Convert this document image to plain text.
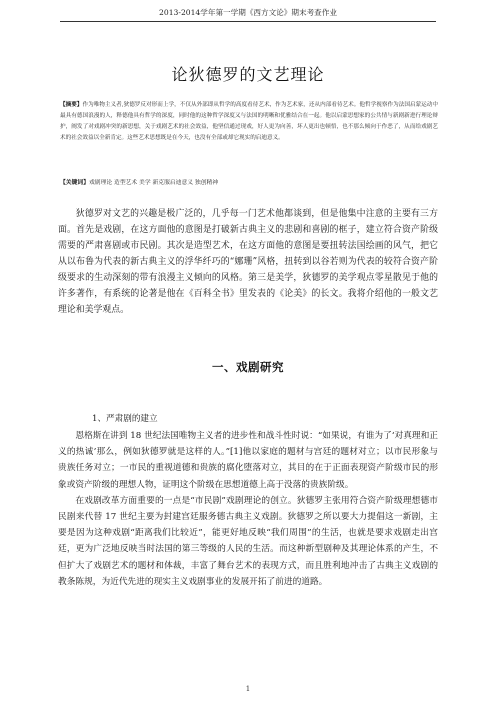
2013-2014学年第一学期《西方文论》期末考查作业
论狄德罗的文艺理论
【摘要】作为唯物主义者,狄德罗反对形而上学，不仅从外部即从哲学的高度看待艺术，作为艺术家，还从内部看待艺术。他哲学视察作为法国启蒙运动中最具有德国浪漫的人，释德他具有哲学的深度，同时他的这种哲学深度又与法国的明晰和优雅结合在一起。他以启蒙思想家的公共情与新剧新进行理论辩护，阐发了对戏剧冲突的新思想，关于戏剧艺术的社会效益，他坚信通过现戏，好人更为向善，坏人更出也顿悟，也不那么倾向于作恶了，从而给戏剧艺术的社会效益以全新肯定。这些艺术思想既是在今天，也没有全部或却它现实的启迪意义。
【关键词】戏剧理论 造型艺术 美学 新克服启迪意义 独创精神

狄德罗对文艺的兴趣是极广泛的，几乎每一门艺术他都谈到，但是他集中注意的主要有三方面。首先是戏剧，在这方面他的意图是打破新古典主义的悲剧和喜剧的框子，建立符合资产阶级需要的严肃喜剧或市民剧。其次是造型艺术，在这方面他的意图是要扭转法国绘画的风气，把它从以布鲁为代表的新古典主义的浮华纤巧的“娜珊”风格，扭转到以谷若则为代表的较符合资产阶级要求的生动深刻的带有浪漫主义倾向的风格。第三是美学，狄德罗的美学观点零星散见于他的许多著作，有系统的论著是他在《百科全书》里发表的《论美》的长文。我将介绍他的一般文艺理论和美学观点。

一、戏剧研究
1、严肃剧的建立

恩格斯在讲到 18 世纪法国唯物主义者的进步性和战斗性时说：“如果说，有谁为了‘对真理和正义的热诚’那么，例如狄德罗就是这样的人。”[1]他以家庭的题材与宫廷的题材对立；以市民形象与贵族任务对立；一市民的重视道德和贵族的腐化堕落对立，其目的在于正面表现资产阶级市民的形象或资产阶级的理想人物，证明这个阶级在思想道德上高于没落的贵族阶级。

在戏剧改革方面重要的一点是“市民剧”戏剧理论的创立。狄德罗主张用符合资产阶级理想德市民剧来代替 17 世纪主要为封建宫廷服务德古典主义戏剧。狄德罗之所以要大力提倡这一新剧，主要是因为这种戏剧“距离我们比较近”，能更好地反映“我们周围”的生活，也就是要求戏剧走出宫廷，更为广泛地反映当时法国的第三等级的人民的生活。而这种新型剧种及其理论体系的产生，不但扩大了戏剧艺术的题材和体裁，丰富了舞台艺术的表现方式，而且胜利地冲击了古典主义戏剧的教条陈规，为近代先进的现实主义戏剧事业的发展开拓了前进的道路。

1
